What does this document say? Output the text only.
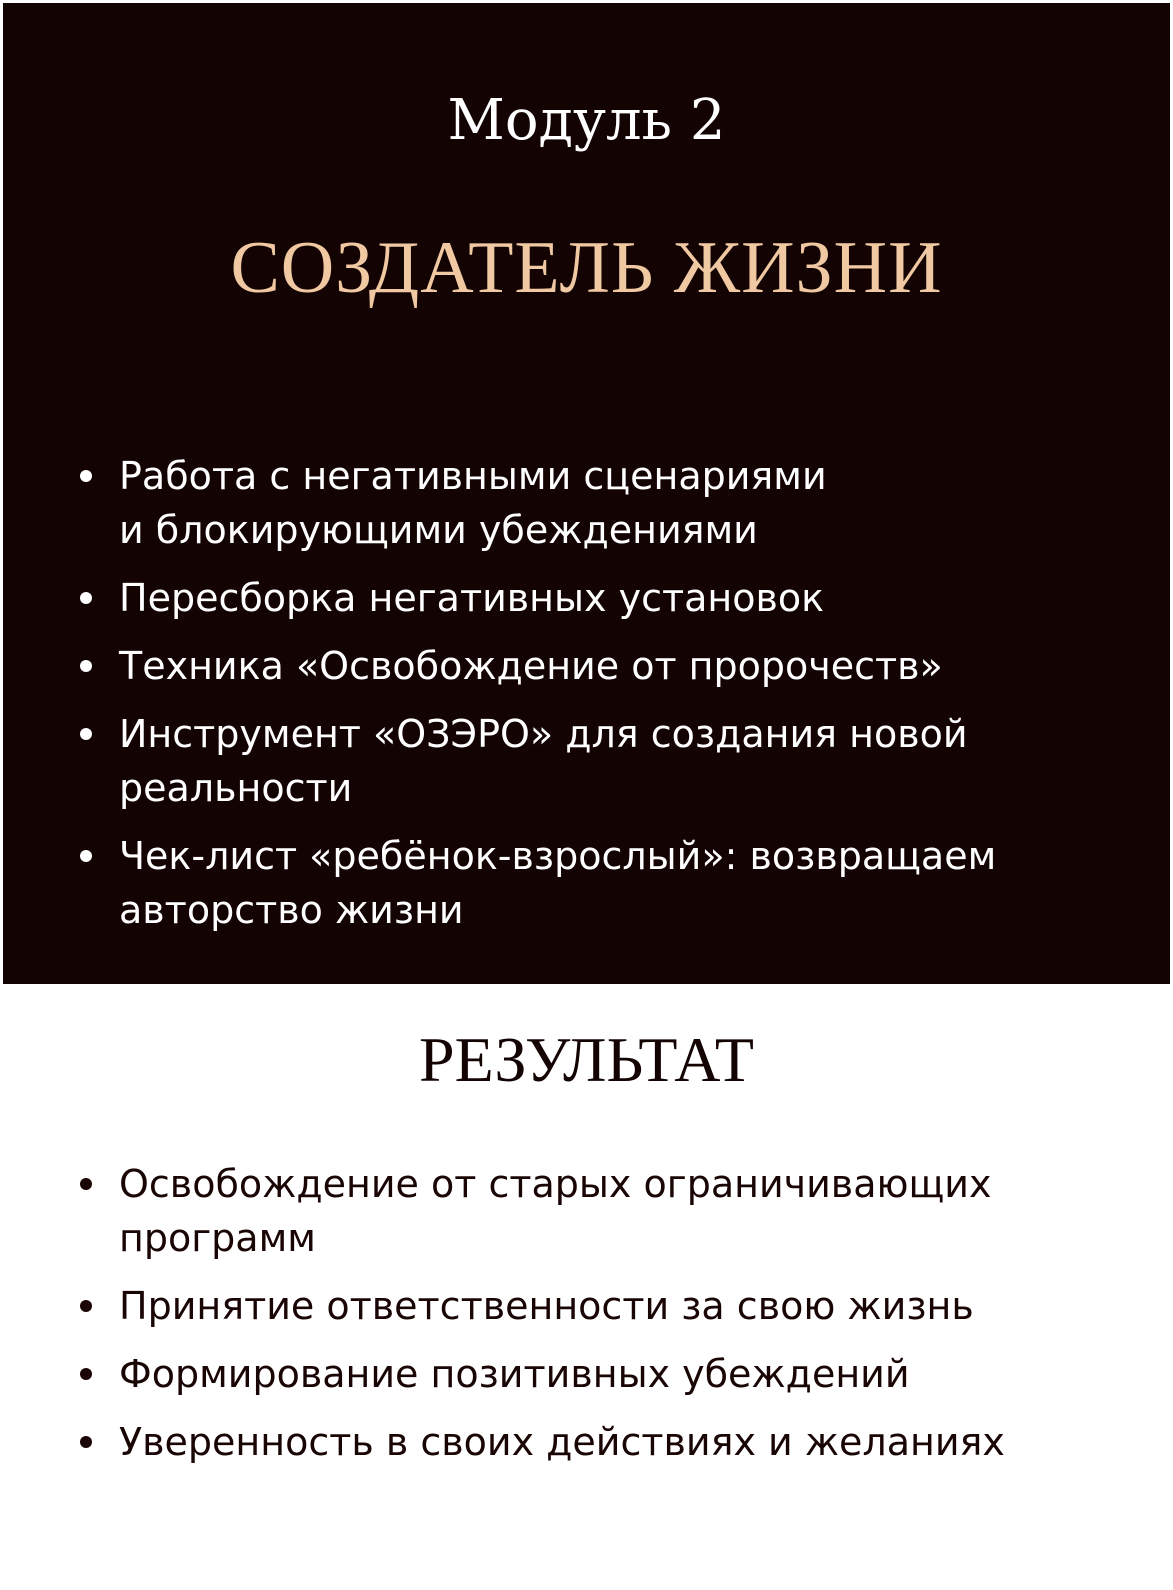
Модуль 2
СОЗДАТЕЛЬ ЖИЗНИ
Работа с негативными сценариями
и блокирующими убеждениями
Пересборка негативных установок
Техника «Освобождение от пророчеств»
Инструмент «ОЗЭРО» для создания новой
реальности
Чек-лист «ребёнок-взрослый»: возвращаем
авторство жизни
РЕЗУЛЬТАТ
Освобождение от старых ограничивающих
программ
Принятие ответственности за свою жизнь
Формирование позитивных убеждений
Уверенность в своих действиях и желаниях
